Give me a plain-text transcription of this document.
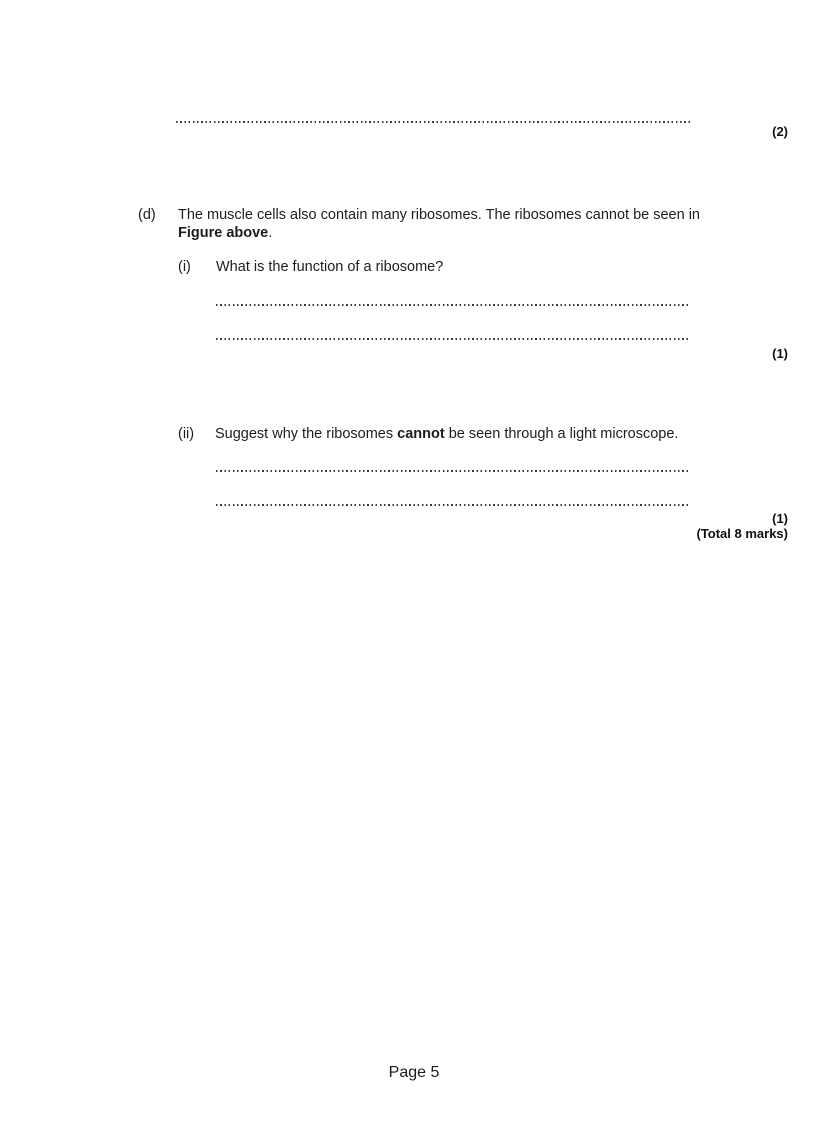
(2)
(d) The muscle cells also contain many ribosomes. The ribosomes cannot be seen in
Figure above.
(i) What is the function of a ribosome?
(1)
(ii) Suggest why the ribosomes cannot be seen through a light microscope.
(1)
(Total 8 marks)
Page 5
